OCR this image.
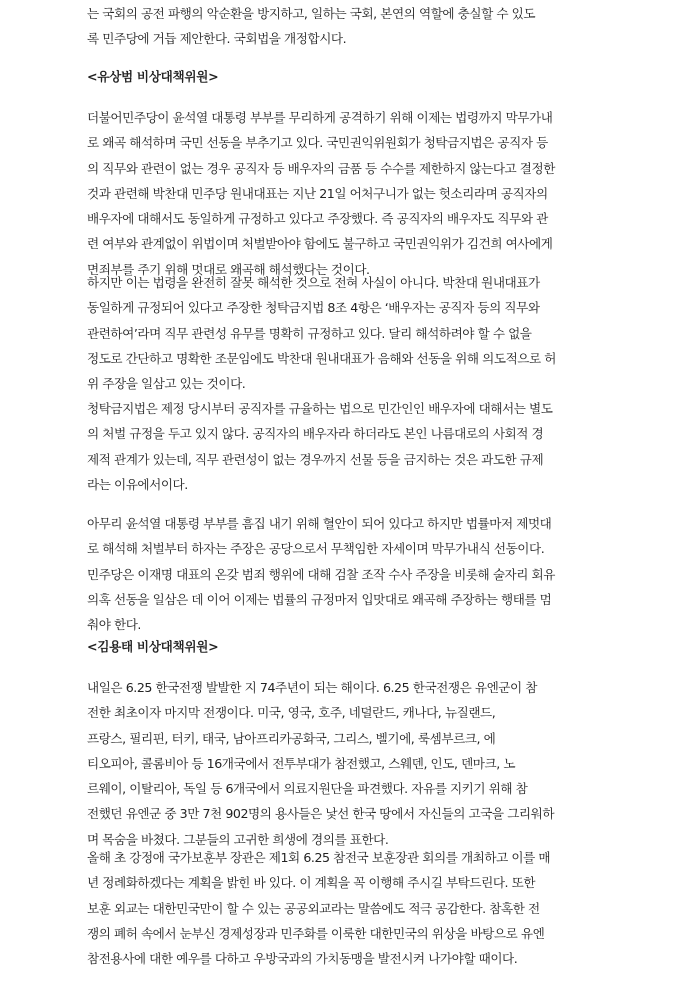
는 국회의 공전 파행의 악순환을 방지하고, 일하는 국회, 본연의 역할에 충실할 수 있도
록 민주당에 거듭 제안한다. 국회법을 개정합시다.

<유상범 비상대책위원>

더불어민주당이 윤석열 대통령 부부를 무리하게 공격하기 위해 이제는 법령까지 막무가내
로 왜곡 해석하며 국민 선동을 부추기고 있다. 국민권익위원회가 청탁금지법은 공직자 등
의 직무와 관련이 없는 경우 공직자 등 배우자의 금품 등 수수를 제한하지 않는다고 결정한
것과 관련해 박찬대 민주당 원내대표는 지난 21일 어처구니가 없는 헛소리라며 공직자의
배우자에 대해서도 동일하게 규정하고 있다고 주장했다. 즉 공직자의 배우자도 직무와 관
련 여부와 관계없이 위법이며 처벌받아야 함에도 불구하고 국민권익위가 김건희 여사에게
면죄부를 주기 위해 멋대로 왜곡해 해석했다는 것이다.

하지만 이는 법령을 완전히 잘못 해석한 것으로 전혀 사실이 아니다. 박찬대 원내대표가
동일하게 규정되어 있다고 주장한 청탁금지법 8조 4항은 ‘배우자는 공직자 등의 직무와
관련하여’라며 직무 관련성 유무를 명확히 규정하고 있다. 달리 해석하려야 할 수 없을
정도로 간단하고 명확한 조문임에도 박찬대 원내대표가 음해와 선동을 위해 의도적으로 허
위 주장을 일삼고 있는 것이다.

청탁금지법은 제정 당시부터 공직자를 규율하는 법으로 민간인인 배우자에 대해서는 별도
의 처벌 규정을 두고 있지 않다. 공직자의 배우자라 하더라도 본인 나름대로의 사회적 경
제적 관계가 있는데, 직무 관련성이 없는 경우까지 선물 등을 금지하는 것은 과도한 규제
라는 이유에서이다.

아무리 윤석열 대통령 부부를 흠집 내기 위해 혈안이 되어 있다고 하지만 법률마저 제멋대
로 해석해 처벌부터 하자는 주장은 공당으로서 무책임한 자세이며 막무가내식 선동이다.
민주당은 이재명 대표의 온갖 범죄 행위에 대해 검찰 조작 수사 주장을 비롯해 술자리 회유
의혹 선동을 일삼은 데 이어 이제는 법률의 규정마저 입맛대로 왜곡해 주장하는 행태를 멈
춰야 한다.

<김용태 비상대책위원>

내일은 6.25 한국전쟁 발발한 지 74주년이 되는 해이다. 6.25 한국전쟁은 유엔군이 참
전한 최초이자 마지막 전쟁이다. 미국, 영국, 호주, 네덜란드, 캐나다, 뉴질랜드,
프랑스, 필리핀, 터키, 태국, 남아프리카공화국, 그리스, 벨기에, 룩셈부르크, 에
티오피아, 콜롬비아 등 16개국에서 전투부대가 참전했고, 스웨덴, 인도, 덴마크, 노
르웨이, 이탈리아, 독일 등 6개국에서 의료지원단을 파견했다. 자유를 지키기 위해 참
전했던 유엔군 중 3만 7천 902명의 용사들은 낯선 한국 땅에서 자신들의 고국을 그리워하
며 목숨을 바쳤다. 그분들의 고귀한 희생에 경의를 표한다.

올해 초 강정애 국가보훈부 장관은 제1회 6.25 참전국 보훈장관 회의를 개최하고 이를 매
년 정례화하겠다는 계획을 밝힌 바 있다. 이 계획을 꼭 이행해 주시길 부탁드린다. 또한
보훈 외교는 대한민국만이 할 수 있는 공공외교라는 말씀에도 적극 공감한다. 참혹한 전
쟁의 폐허 속에서 눈부신 경제성장과 민주화를 이룩한 대한민국의 위상을 바탕으로 유엔
참전용사에 대한 예우를 다하고 우방국과의 가치동맹을 발전시켜 나가야할 때이다.
